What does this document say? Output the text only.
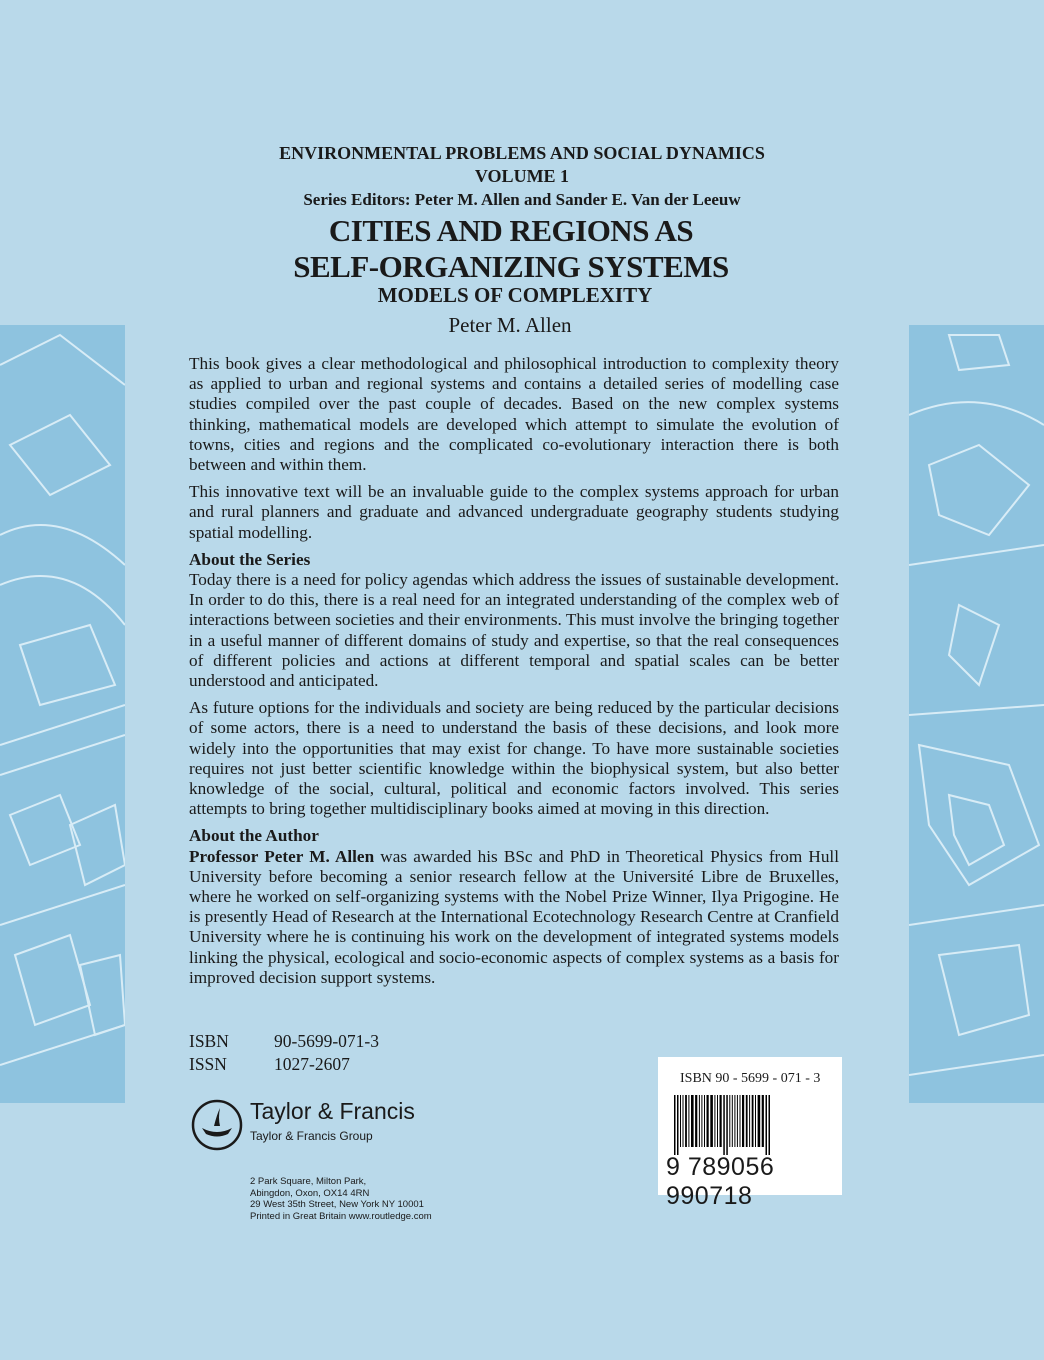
ENVIRONMENTAL PROBLEMS AND SOCIAL DYNAMICS
VOLUME 1
Series Editors: Peter M. Allen and Sander E. Van der Leeuw
CITIES AND REGIONS AS
SELF-ORGANIZING SYSTEMS
MODELS OF COMPLEXITY
Peter M. Allen

This book gives a clear methodological and philosophical introduction to complexity theory as applied to urban and regional systems and contains a detailed series of modelling case studies compiled over the past couple of decades. Based on the new complex systems thinking, mathematical models are developed which attempt to simulate the evolution of towns, cities and regions and the complicated co-evolutionary interaction there is both between and within them.

This innovative text will be an invaluable guide to the complex systems approach for urban and rural planners and graduate and advanced undergraduate geography students studying spatial modelling.

About the Series

Today there is a need for policy agendas which address the issues of sustainable development. In order to do this, there is a real need for an integrated understanding of the complex web of interactions between societies and their environments. This must involve the bringing together in a useful manner of different domains of study and expertise, so that the real consequences of different policies and actions at different temporal and spatial scales can be better understood and anticipated.

As future options for the individuals and society are being reduced by the particular decisions of some actors, there is a need to understand the basis of these decisions, and look more widely into the opportunities that may exist for change. To have more sustainable societies requires not just better scientific knowledge within the biophysical system, but also better knowledge of the social, cultural, political and economic factors involved. This series attempts to bring together multidisciplinary books aimed at moving in this direction.

About the Author

Professor Peter M. Allen was awarded his BSc and PhD in Theoretical Physics from Hull University before becoming a senior research fellow at the Université Libre de Bruxelles, where he worked on self-organizing systems with the Nobel Prize Winner, Ilya Prigogine. He is presently Head of Research at the International Ecotechnology Research Centre at Cranfield University where he is continuing his work on the development of integrated systems models linking the physical, ecological and socio-economic aspects of complex systems as a basis for improved decision support systems.

ISBN	90-5699-071-3
ISSN	1027-2607
Taylor & Francis
Taylor & Francis Group
2 Park Square, Milton Park,
Abingdon, Oxon, OX14 4RN
29 West 35th Street, New York NY 10001
Printed in Great Britain www.routledge.com
ISBN 90 - 5699 - 071 - 3
9 789056 990718
